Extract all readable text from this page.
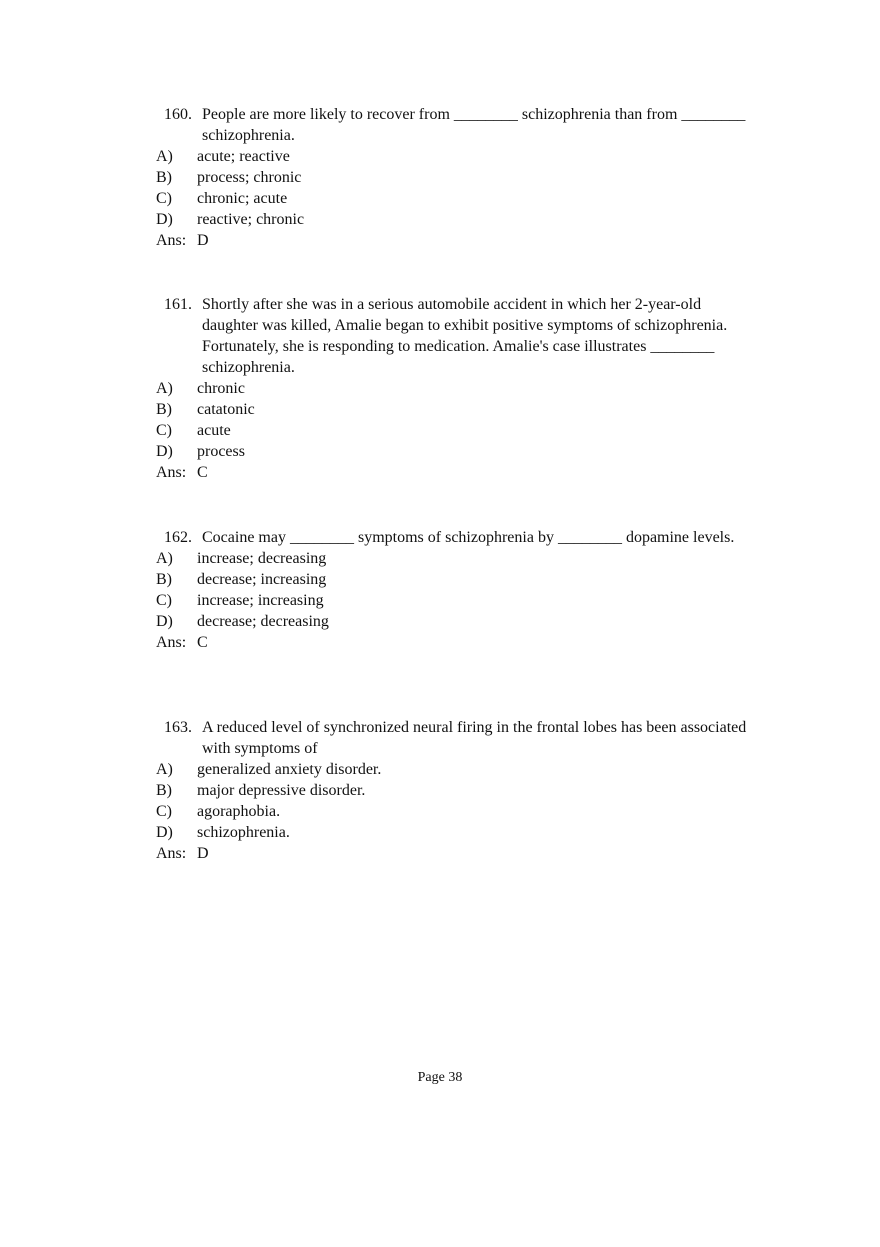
160. People are more likely to recover from ________ schizophrenia than from ________ schizophrenia.
A) acute; reactive
B) process; chronic
C) chronic; acute
D) reactive; chronic
Ans: D
161. Shortly after she was in a serious automobile accident in which her 2-year-old daughter was killed, Amalie began to exhibit positive symptoms of schizophrenia. Fortunately, she is responding to medication. Amalie's case illustrates ________ schizophrenia.
A) chronic
B) catatonic
C) acute
D) process
Ans: C
162. Cocaine may ________ symptoms of schizophrenia by ________ dopamine levels.
A) increase; decreasing
B) decrease; increasing
C) increase; increasing
D) decrease; decreasing
Ans: C
163. A reduced level of synchronized neural firing in the frontal lobes has been associated with symptoms of
A) generalized anxiety disorder.
B) major depressive disorder.
C) agoraphobia.
D) schizophrenia.
Ans: D
Page 38
